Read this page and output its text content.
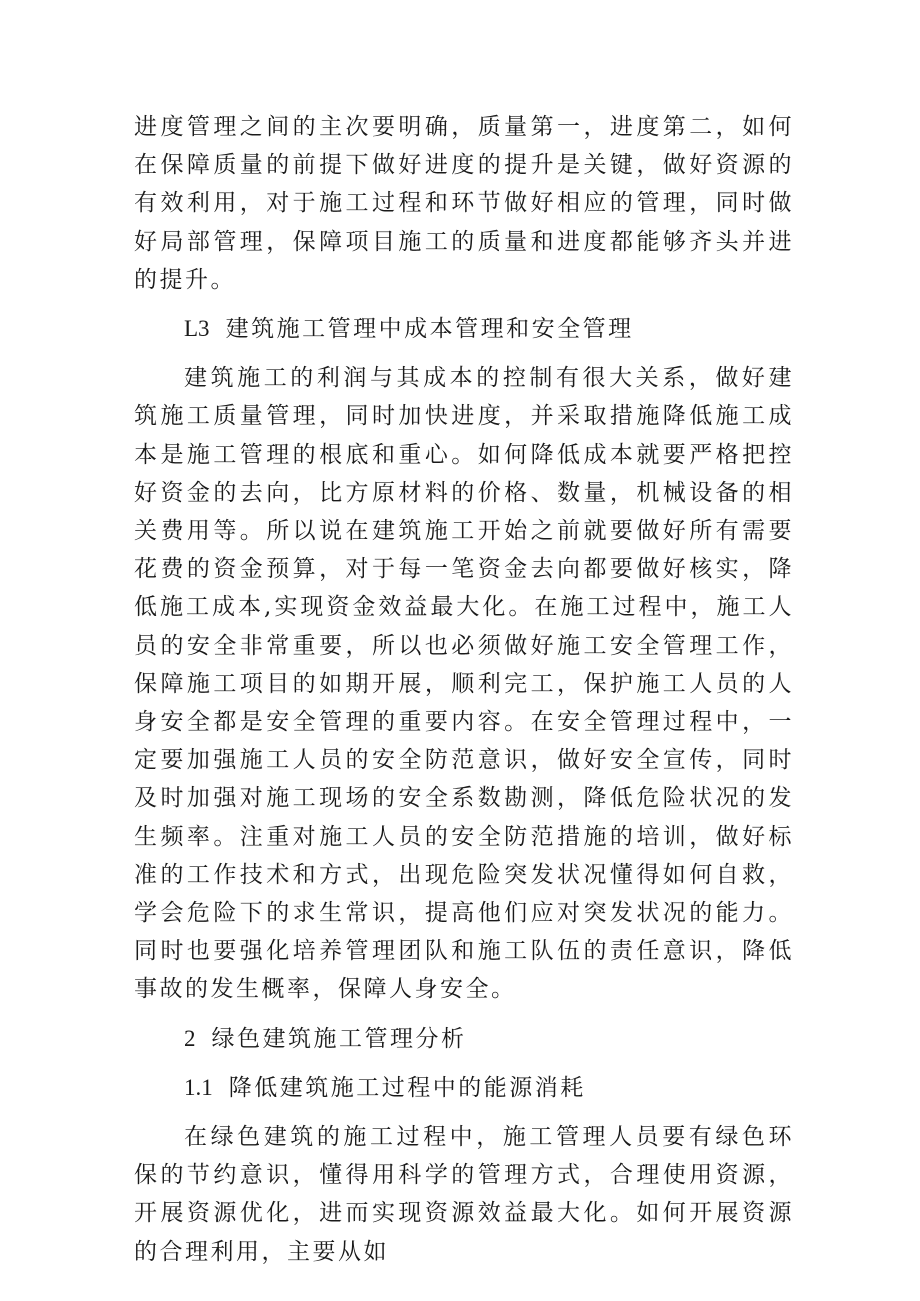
进度管理之间的主次要明确，质量第一，进度第二，如何在保障质量的前提下做好进度的提升是关键，做好资源的有效利用，对于施工过程和环节做好相应的管理，同时做好局部管理，保障项目施工的质量和进度都能够齐头并进的提升。

L3 建筑施工管理中成本管理和安全管理

建筑施工的利润与其成本的控制有很大关系，做好建筑施工质量管理，同时加快进度，并采取措施降低施工成本是施工管理的根底和重心。如何降低成本就要严格把控好资金的去向，比方原材料的价格、数量，机械设备的相关费用等。所以说在建筑施工开始之前就要做好所有需要花费的资金预算，对于每一笔资金去向都要做好核实，降低施工成本,实现资金效益最大化。在施工过程中，施工人员的安全非常重要，所以也必须做好施工安全管理工作，保障施工项目的如期开展，顺利完工，保护施工人员的人身安全都是安全管理的重要内容。在安全管理过程中，一定要加强施工人员的安全防范意识，做好安全宣传，同时及时加强对施工现场的安全系数勘测，降低危险状况的发生频率。注重对施工人员的安全防范措施的培训，做好标准的工作技术和方式，出现危险突发状况懂得如何自救，学会危险下的求生常识，提高他们应对突发状况的能力。同时也要强化培养管理团队和施工队伍的责任意识，降低事故的发生概率，保障人身安全。

2 绿色建筑施工管理分析

1.1 降低建筑施工过程中的能源消耗

在绿色建筑的施工过程中，施工管理人员要有绿色环保的节约意识，懂得用科学的管理方式，合理使用资源，开展资源优化，进而实现资源效益最大化。如何开展资源的合理利用，主要从如
